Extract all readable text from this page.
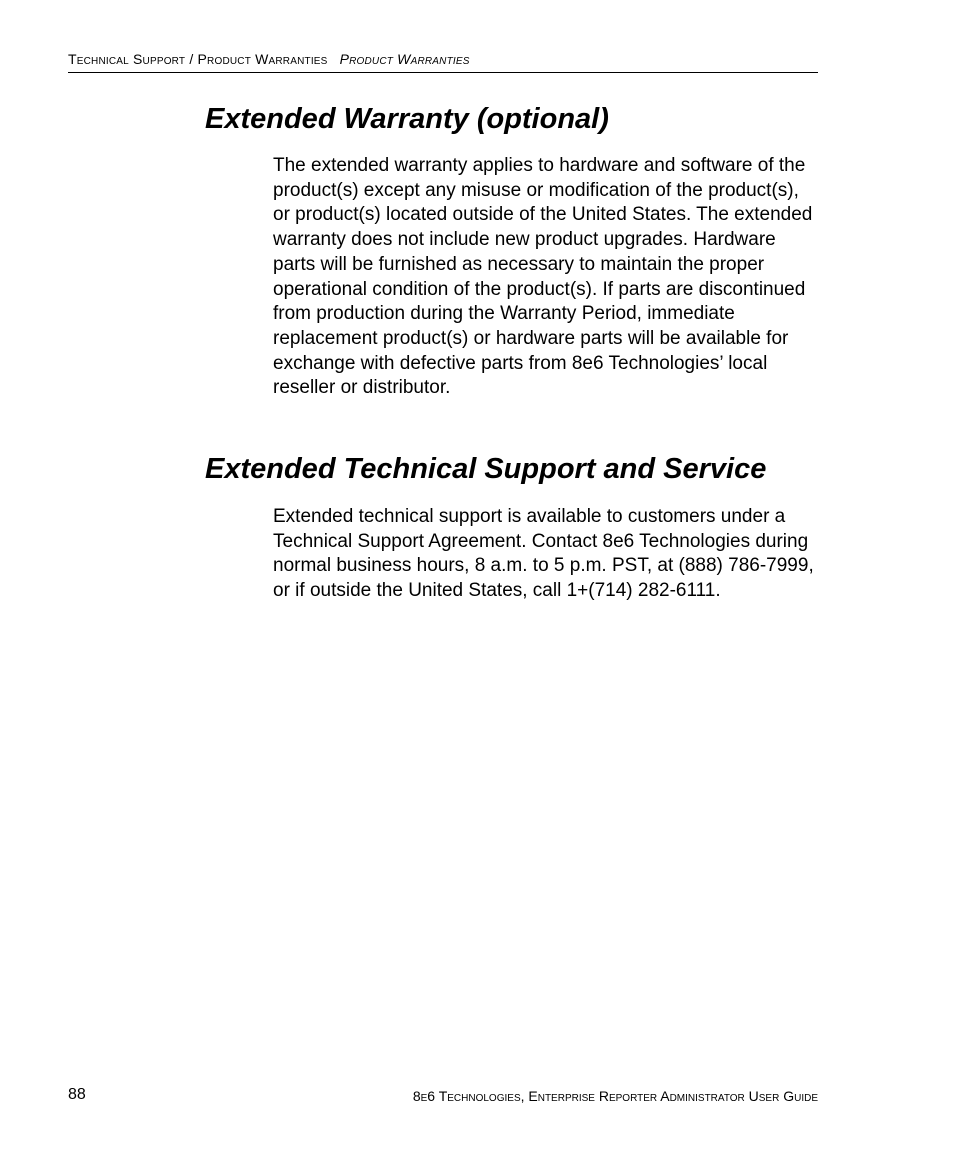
Technical Support / Product Warranties Product Warranties
Extended Warranty (optional)

The extended warranty applies to hardware and software of the product(s) except any misuse or modification of the product(s), or product(s) located outside of the United States. The extended warranty does not include new product upgrades. Hardware parts will be furnished as necessary to maintain the proper operational condition of the product(s). If parts are discontinued from production during the Warranty Period, immediate replacement product(s) or hardware parts will be available for exchange with defective parts from 8e6 Technologies’ local reseller or distributor.

Extended Technical Support and Service

Extended technical support is available to customers under a Technical Support Agreement. Contact 8e6 Technologies during normal business hours, 8 a.m. to 5 p.m. PST, at (888) 786-7999, or if outside the United States, call 1+(714) 282-6111.

88	8e6 Technologies, Enterprise Reporter Administrator User Guide
